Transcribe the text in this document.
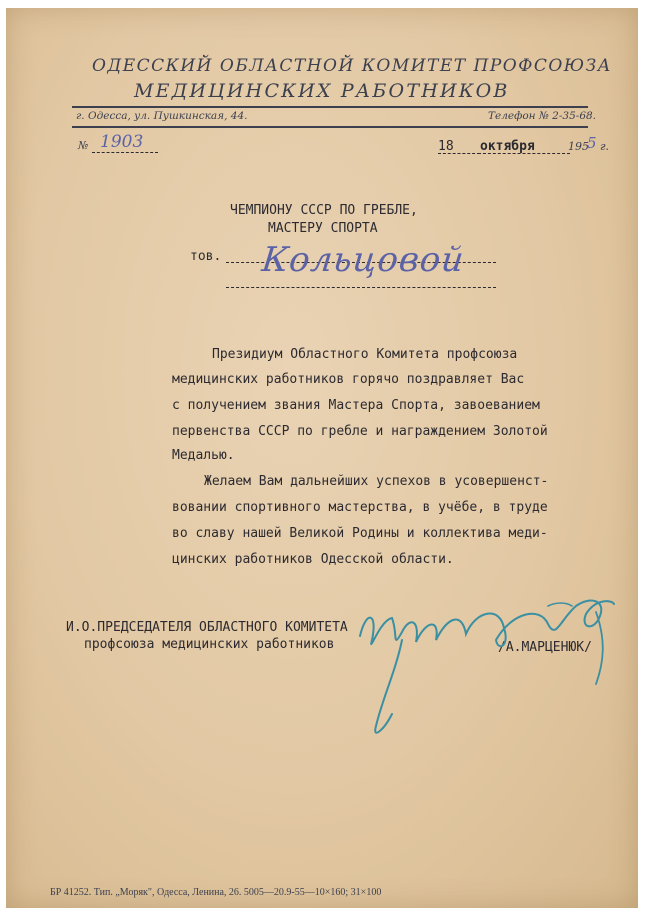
ОДЕССКИЙ ОБЛАСТНОЙ КОМИТЕТ ПРОФСОЮЗА
МЕДИЦИНСКИХ РАБОТНИКОВ
г. Одесса, ул. Пушкинская, 44.	Телефон № 2-35-68.
№ 1903	18 октября	195
5 г.
ЧЕМПИОНУ СССР ПО ГРЕБЛЕ,
МАСТЕРУ СПОРТА
тов. Кольцовой
Президиум Областного Комитета профсоюза
медицинских работников горячо поздравляет Вас
с получением звания Мастера Спорта, завоеванием
первенства СССР по гребле и награждением Золотой
Медалью.
Желаем Вам дальнейших успехов в усовершенст-
вовании спортивного мастерства, в учёбе, в труде
во славу нашей Великой Родины и коллектива меди-
цинских работников Одесской области.
И.О.ПРЕДСЕДАТЕЛЯ ОБЛАСТНОГО КОМИТЕТА
профсоюза медицинских работников	/А.МАРЦЕНЮК/
БР 41252. Тип. „Моряк", Одесса, Ленина, 26. 5005—20.9-55—10×160; 31×100
